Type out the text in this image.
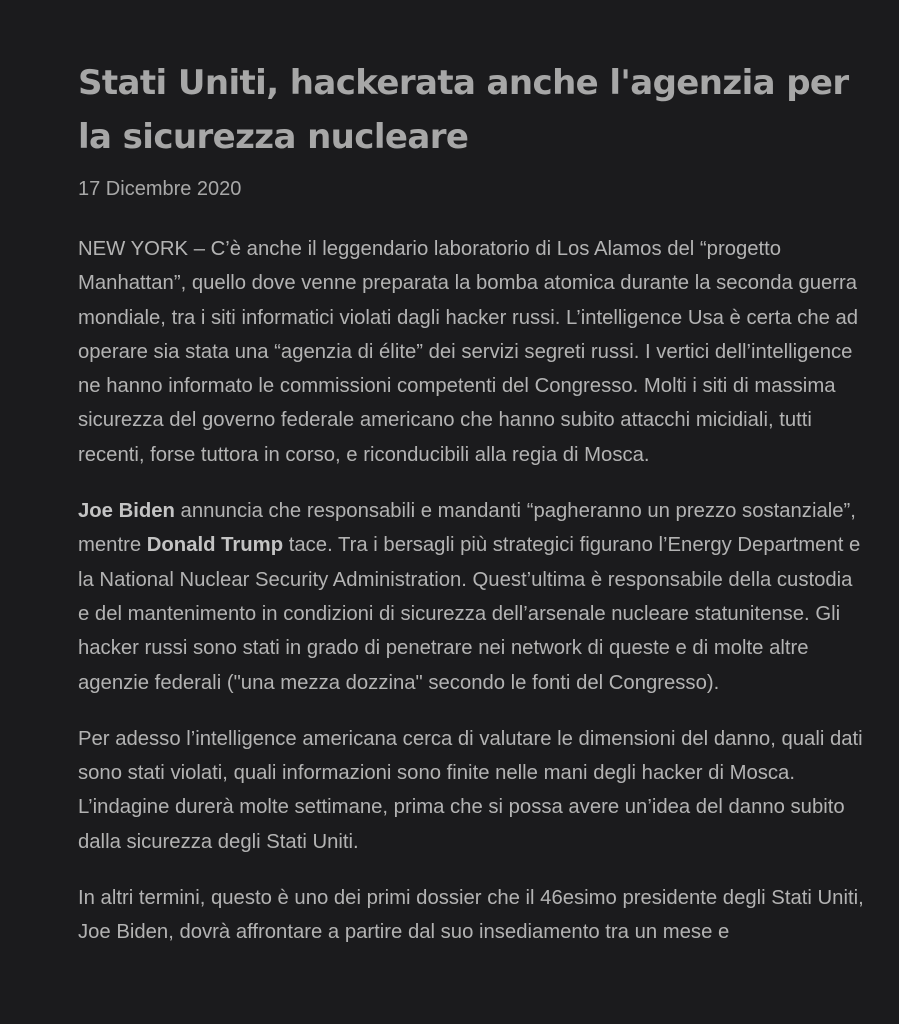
Stati Uniti, hackerata anche l'agenzia per la sicurezza nucleare
17 Dicembre 2020

NEW YORK – C’è anche il leggendario laboratorio di Los Alamos del “progetto Manhattan”, quello dove venne preparata la bomba atomica durante la seconda guerra mondiale, tra i siti informatici violati dagli hacker russi. L’intelligence Usa è certa che ad operare sia stata una “agenzia di élite” dei servizi segreti russi. I vertici dell’intelligence ne hanno informato le commissioni competenti del Congresso. Molti i siti di massima sicurezza del governo federale americano che hanno subito attacchi micidiali, tutti recenti, forse tuttora in corso, e riconducibili alla regia di Mosca.

Joe Biden annuncia che responsabili e mandanti “pagheranno un prezzo sostanziale”, mentre Donald Trump tace. Tra i bersagli più strategici figurano l’Energy Department e la National Nuclear Security Administration. Quest’ultima è responsabile della custodia e del mantenimento in condizioni di sicurezza dell’arsenale nucleare statunitense. Gli hacker russi sono stati in grado di penetrare nei network di queste e di molte altre agenzie federali ("una mezza dozzina" secondo le fonti del Congresso).

Per adesso l’intelligence americana cerca di valutare le dimensioni del danno, quali dati sono stati violati, quali informazioni sono finite nelle mani degli hacker di Mosca. L’indagine durerà molte settimane, prima che si possa avere un’idea del danno subito dalla sicurezza degli Stati Uniti.

In altri termini, questo è uno dei primi dossier che il 46esimo presidente degli Stati Uniti, Joe Biden, dovrà affrontare a partire dal suo insediamento tra un mese e
